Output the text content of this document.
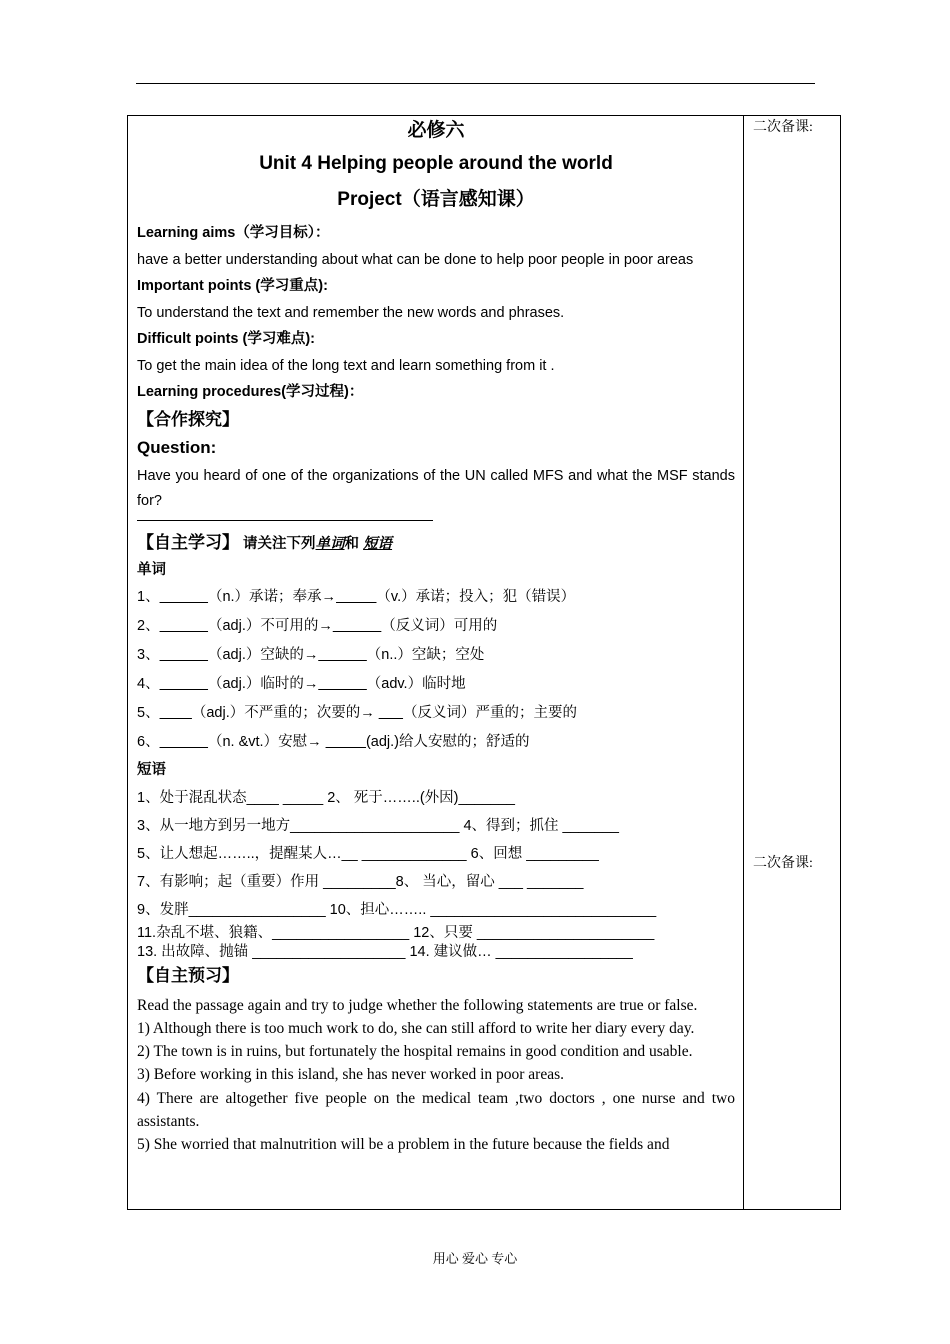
二次备课:
二次备课:
必修六
Unit 4 Helping people around the world
Project（语言感知课）
Learning aims（学习目标）：
have a better understanding about what can be done to help poor people in poor areas
Important points (学习重点):
To understand the text and remember the new words and phrases.
Difficult points (学习难点):
To get the main idea of the long text and learn something from it .
Learning procedures(学习过程)：
【合作探究】
Question:
Have you heard of one of the organizations of the UN called MFS and what the MSF stands for?
【自主学习】 请关注下列单词和 短语
单词
1、______（n.）承诺；奉承→_____（v.）承诺；投入；犯（错误）
2、______（adj.）不可用的→______（反义词）可用的
3、______（adj.）空缺的→______（n..）空缺；空处
4、______（adj.）临时的→______（adv.）临时地
5、____（adj.）不严重的；次要的→ ___（反义词）严重的；主要的
6、______（n. &vt.）安慰→ _____(adj.)给人安慰的；舒适的
短语
1、处于混乱状态____ _____ 2、 死于……..(外因)_______
3、从一地方到另一地方_____________________ 4、得到；抓住 _______
5、让人想起……..，提醒某人…__ _____________ 6、回想 _________
7、有影响；起（重要）作用 _________8、 当心，留心 ___ _______
9、发胖_________________ 10、担心…….. ____________________________
11.杂乱不堪、狼籍、_________________ 12、只要 ______________________
13. 出故障、抛锚 ___________________ 14. 建议做… _________________
【自主预习】
Read the passage again and try to judge whether the following statements are true or false.
1) Although there is too much work to do, she can still afford to write her diary every day.
2) The town is in ruins, but fortunately the hospital remains in good condition and usable.
3) Before working in this island, she has never worked in poor areas.
4) There are altogether five people on the medical team ,two doctors , one nurse and two assistants.
5) She worried that malnutrition will be a problem in the future because the fields and
用心 爱心 专心
